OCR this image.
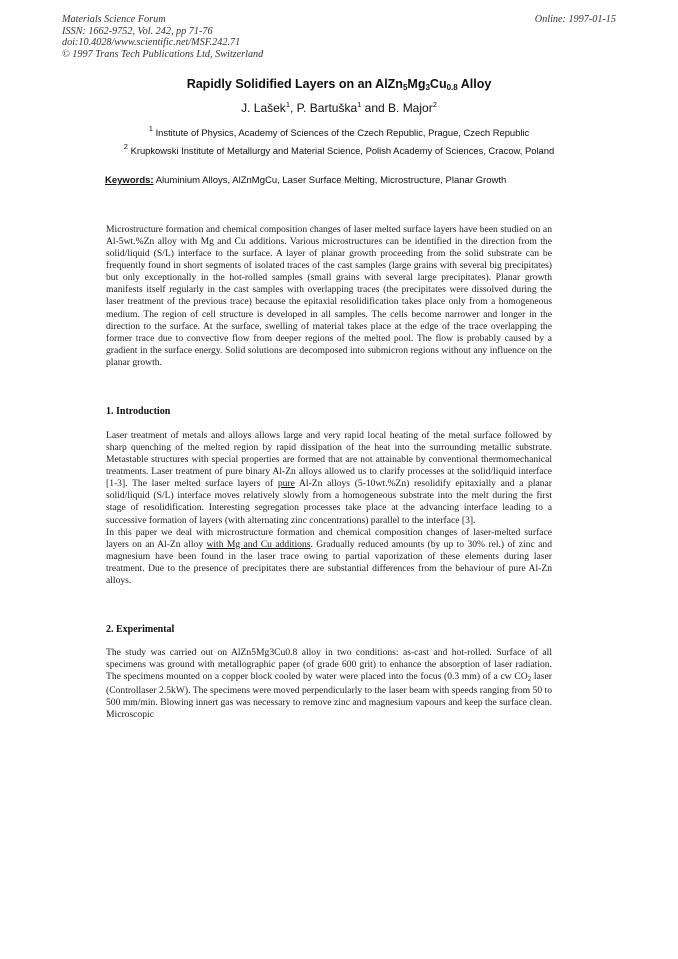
Materials Science Forum
ISSN: 1662-9752, Vol. 242, pp 71-76
doi:10.4028/www.scientific.net/MSF.242.71
© 1997 Trans Tech Publications Ltd, Switzerland
Online: 1997-01-15
Rapidly Solidified Layers on an $AlZn_5Mg_3Cu_{0.8}$ Alloy
J. Lašek$^1$, P. Bartuška$^1$ and B. Major$^2$
$^1$ Institute of Physics, Academy of Sciences of the Czech Republic, Prague, Czech Republic
$^2$ Krupkowski Institute of Metallurgy and Material Science, Polish Academy of Sciences, Cracow, Poland
Keywords: Aluminium Alloys, AlZnMgCu, Laser Surface Melting, Microstructure, Planar Growth

Microstructure formation and chemical composition changes of laser melted surface layers have been studied on an Al-5wt.%Zn alloy with Mg and Cu additions. Various microstructures can be identified in the direction from the solid/liquid (S/L) interface to the surface. A layer of planar growth proceeding from the solid substrate can be frequently found in short segments of isolated traces of the cast samples (large grains with several big precipitates) but only exceptionally in the hot-rolled samples (small grains with several large precipitates). Planar growth manifests itself regularly in the cast samples with overlapping traces (the precipitates were dissolved during the laser treatment of the previous trace) because the epitaxial resolidification takes place only from a homogeneous medium. The region of cell structure is developed in all samples. The cells become narrower and longer in the direction to the surface. At the surface, swelling of material takes place at the edge of the trace overlapping the former trace due to convective flow from deeper regions of the melted pool. The flow is probably caused by a gradient in the surface energy. Solid solutions are decomposed into submicron regions without any influence on the planar growth.

1. Introduction

Laser treatment of metals and alloys allows large and very rapid local heating of the metal surface followed by sharp quenching of the melted region by rapid dissipation of the heat into the surrounding metallic substrate. Metastable structures with special properties are formed that are not attainable by conventional thermomechanical treatments. Laser treatment of pure binary Al-Zn alloys allowed us to clarify processes at the solid/liquid interface [1-3]. The laser melted surface layers of pure Al-Zn alloys (5-10wt.%Zn) resolidify epitaxially and a planar solid/liquid (S/L) interface moves relatively slowly from a homogeneous substrate into the melt during the first stage of resolidification. Interesting segregation processes take place at the advancing interface leading to a successive formation of layers (with alternating zinc concentrations) parallel to the interface [3].

In this paper we deal with microstructure formation and chemical composition changes of laser-melted surface layers on an Al-Zn alloy with Mg and Cu additions. Gradually reduced amounts (by up to 30% rel.) of zinc and magnesium have been found in the laser trace owing to partial vaporization of these elements during laser treatment. Due to the presence of precipitates there are substantial differences from the behaviour of pure Al-Zn alloys.

2. Experimental

The study was carried out on AlZn5Mg3Cu0.8 alloy in two conditions: as-cast and hot-rolled. Surface of all specimens was ground with metallographic paper (of grade 600 grit) to enhance the absorption of laser radiation. The specimens mounted on a copper block cooled by water were placed into the focus (0.3 mm) of a cw $CO_2$ laser (Controllaser 2.5kW). The specimens were moved perpendicularly to the laser beam with speeds ranging from 50 to 500 mm/min. Blowing innert gas was necessary to remove zinc and magnesium vapours and keep the surface clean. Microscopic
